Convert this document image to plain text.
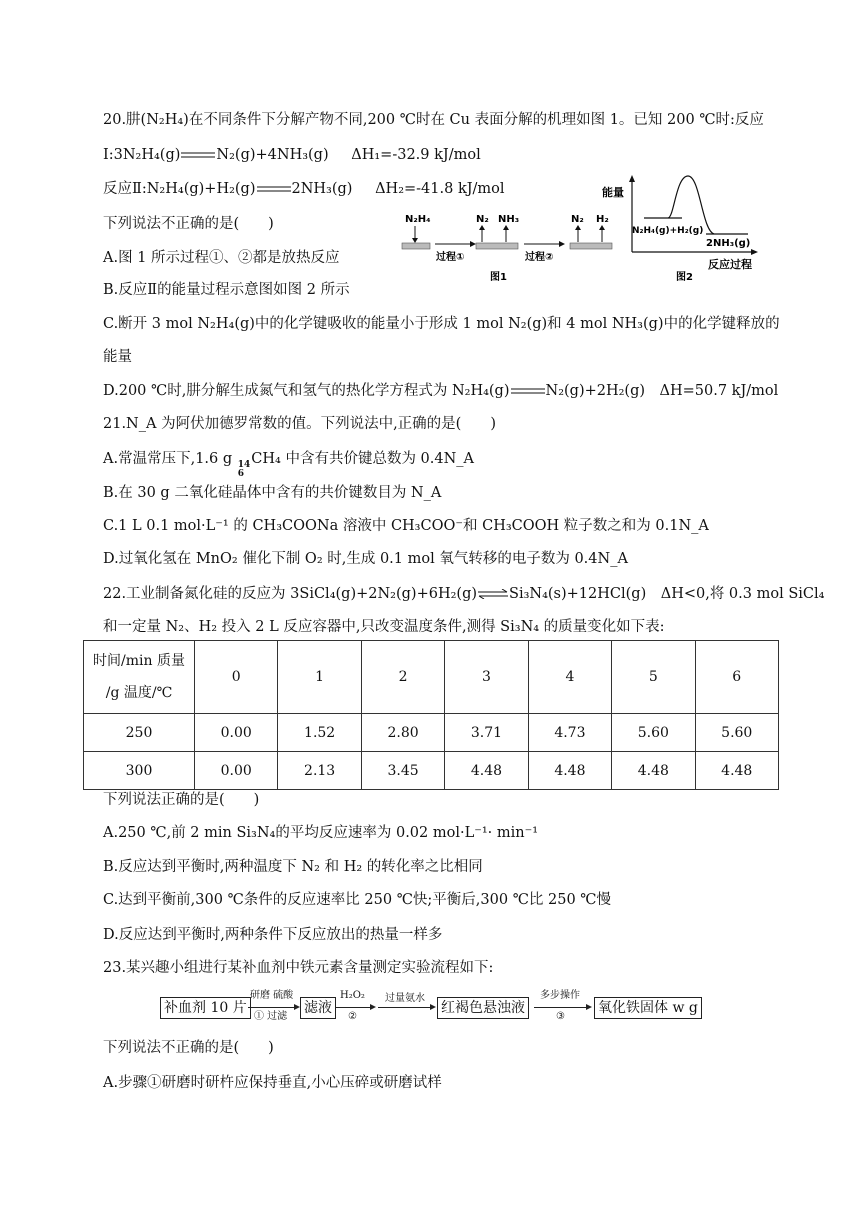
20.肼(N₂H₄)在不同条件下分解产物不同,200 ℃时在 Cu 表面分解的机理如图 1。已知 200 ℃时:反应
Ⅰ:3N₂H₄(g) N₂(g)+4NH₃(g) ΔH₁=-32.9 kJ/mol
反应Ⅱ:N₂H₄(g)+H₂(g) 2NH₃(g) ΔH₂=-41.8 kJ/mol
下列说法不正确的是(　　)
A.图 1 所示过程①、②都是放热反应
B.反应Ⅱ的能量过程示意图如图 2 所示
C.断开 3 mol N₂H₄(g)中的化学键吸收的能量小于形成 1 mol N₂(g)和 4 mol NH₃(g)中的化学键释放的
能量
D.200 ℃时,肼分解生成氮气和氢气的热化学方程式为 N₂H₄(g) N₂(g)+2H₂(g)　ΔH=50.7 kJ/mol
N₂H₄
过程①
N₂ NH₃
过程②
N₂ H₂
图1
能量
N₂H₄(g)+H₂(g)
2NH₃(g)
反应过程
图2
21.N_A 为阿伏加德罗常数的值。下列说法中,正确的是(　　)
A.常温常压下,1.6 g 14
6
CH₄ 中含有共价键总数为 0.4N_A
B.在 30 g 二氧化硅晶体中含有的共价键数目为 N_A
C.1 L 0.1 mol·L⁻¹ 的 CH₃COONa 溶液中 CH₃COO⁻和 CH₃COOH 粒子数之和为 0.1N_A
D.过氧化氢在 MnO₂ 催化下制 O₂ 时,生成 0.1 mol 氧气转移的电子数为 0.4N_A
22.工业制备氮化硅的反应为 3SiCl₄(g)+2N₂(g)+6H₂(g)⇌Si₃N₄(s)+12HCl(g)　ΔH<0,将 0.3 mol SiCl₄
和一定量 N₂、H₂ 投入 2 L 反应容器中,只改变温度条件,测得 Si₃N₄ 的质量变化如下表:
时间/min 质量
/g 温度/℃	0	1	2	3	4	5	6
250	0.00	1.52	2.80	3.71	4.73	5.60	5.60
300	0.00	2.13	3.45	4.48	4.48	4.48	4.48
下列说法正确的是(　　)
A.250 ℃,前 2 min Si₃N₄的平均反应速率为 0.02 mol·L⁻¹· min⁻¹
B.反应达到平衡时,两种温度下 N₂ 和 H₂ 的转化率之比相同
C.达到平衡前,300 ℃条件的反应速率比 250 ℃快;平衡后,300 ℃比 250 ℃慢
D.反应达到平衡时,两种条件下反应放出的热量一样多
23.某兴趣小组进行某补血剂中铁元素含量测定实验流程如下:
补血剂 10 片
研磨 硫酸
① 过滤
滤液
H₂O₂
②
过量氨水
红褐色悬浊液
多步操作
③
氧化铁固体 w g
下列说法不正确的是(　　)
A.步骤①研磨时研杵应保持垂直,小心压碎或研磨试样
